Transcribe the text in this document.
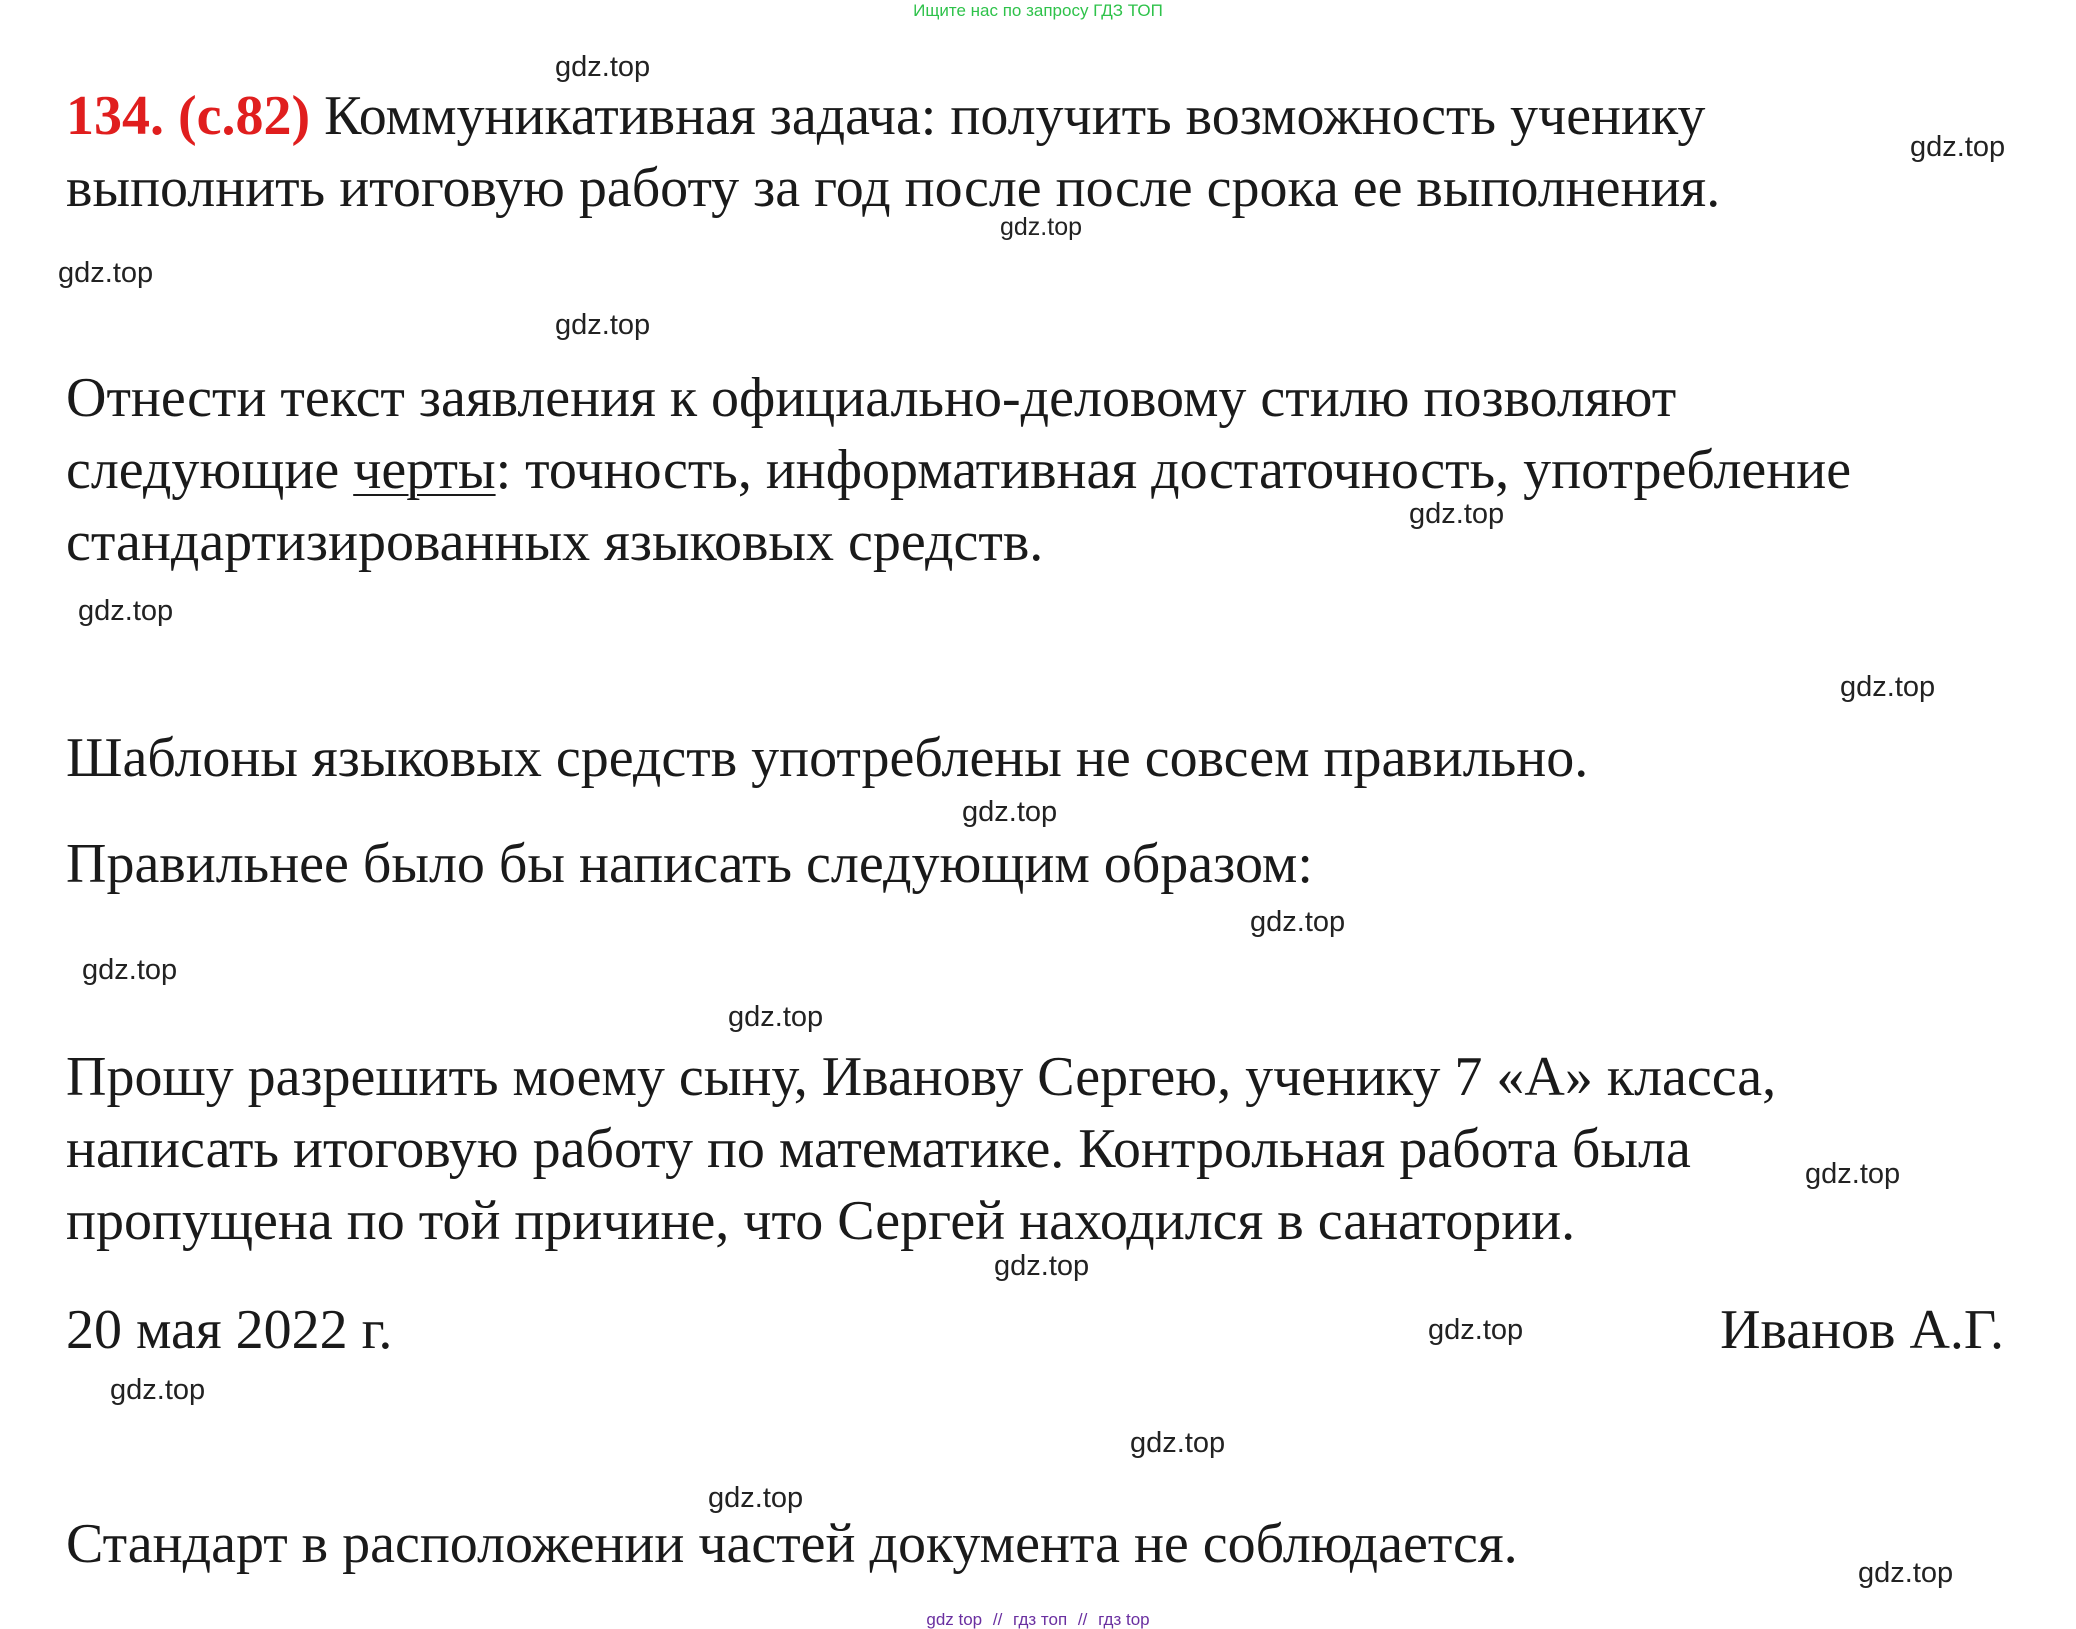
Ищите нас по запросу ГДЗ ТОП

134. (с.82) Коммуникативная задача: получить возможность ученику

выполнить итоговую работу за год после после срока ее выполнения.

Отнести текст заявления к официально-деловому стилю позволяют

следующие черты: точность, информативная достаточность, употребление

стандартизированных языковых средств.

Шаблоны языковых средств употреблены не совсем правильно.

Правильнее было бы написать следующим образом:

Прошу разрешить моему сыну, Иванову Сергею, ученику 7 «А» класса,

написать итоговую работу по математике. Контрольная работа была

пропущена по той причине, что Сергей находился в санатории.

20 мая 2022 г.	Иванов А.Г.

Стандарт в расположении частей документа не соблюдается.

gdz.top
gdz.top
gdz.top
gdz.top
gdz.top
gdz.top
gdz.top
gdz.top
gdz.top
gdz.top
gdz.top
gdz.top
gdz.top
gdz.top
gdz.top
gdz.top
gdz.top
gdz.top
gdz.top
gdz top // гдз топ // гдз top
